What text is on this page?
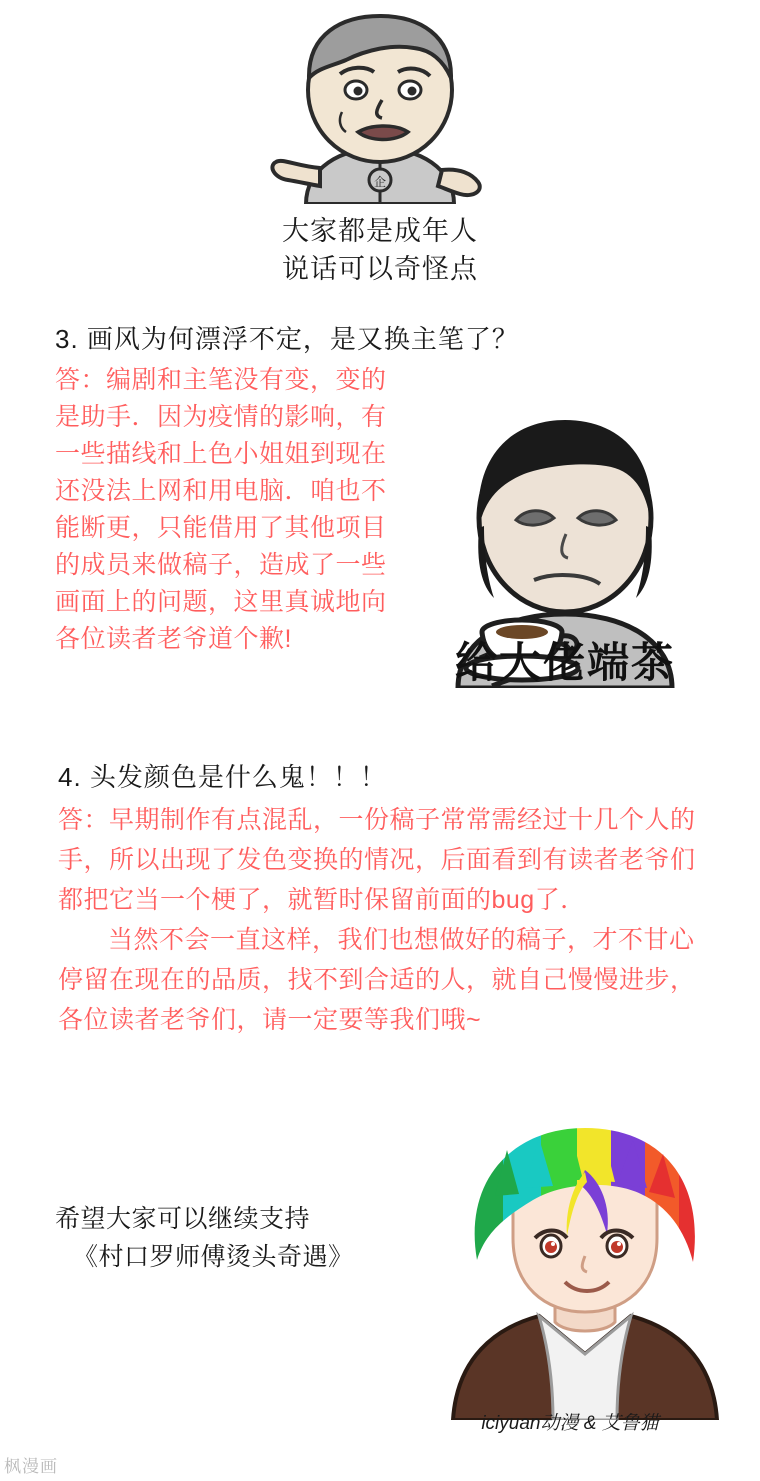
企
大家都是成年人
说话可以奇怪点
3. 画风为何漂浮不定，是又换主笔了？
答：编剧和主笔没有变，变的是助手．因为疫情的影响，有一些描线和上色小姐姐到现在还没法上网和用电脑．咱也不能断更，只能借用了其他项目的成员来做稿子，造成了一些画面上的问题，这里真诚地向各位读者老爷道个歉!	给大佬端茶
4. 头发颜色是什么鬼！！！

答：早期制作有点混乱，一份稿子常常需经过十几个人的手，所以出现了发色变换的情况，后面看到有读者老爷们都把它当一个梗了，就暂时保留前面的bug了．

当然不会一直这样，我们也想做好的稿子，才不甘心停留在现在的品质，找不到合适的人，就自己慢慢进步，各位读者老爷们，请一定要等我们哦~

希望大家可以继续支持

《村口罗师傅烫头奇遇》

iciyuan动漫 & 艾鲁猫
枫漫画
